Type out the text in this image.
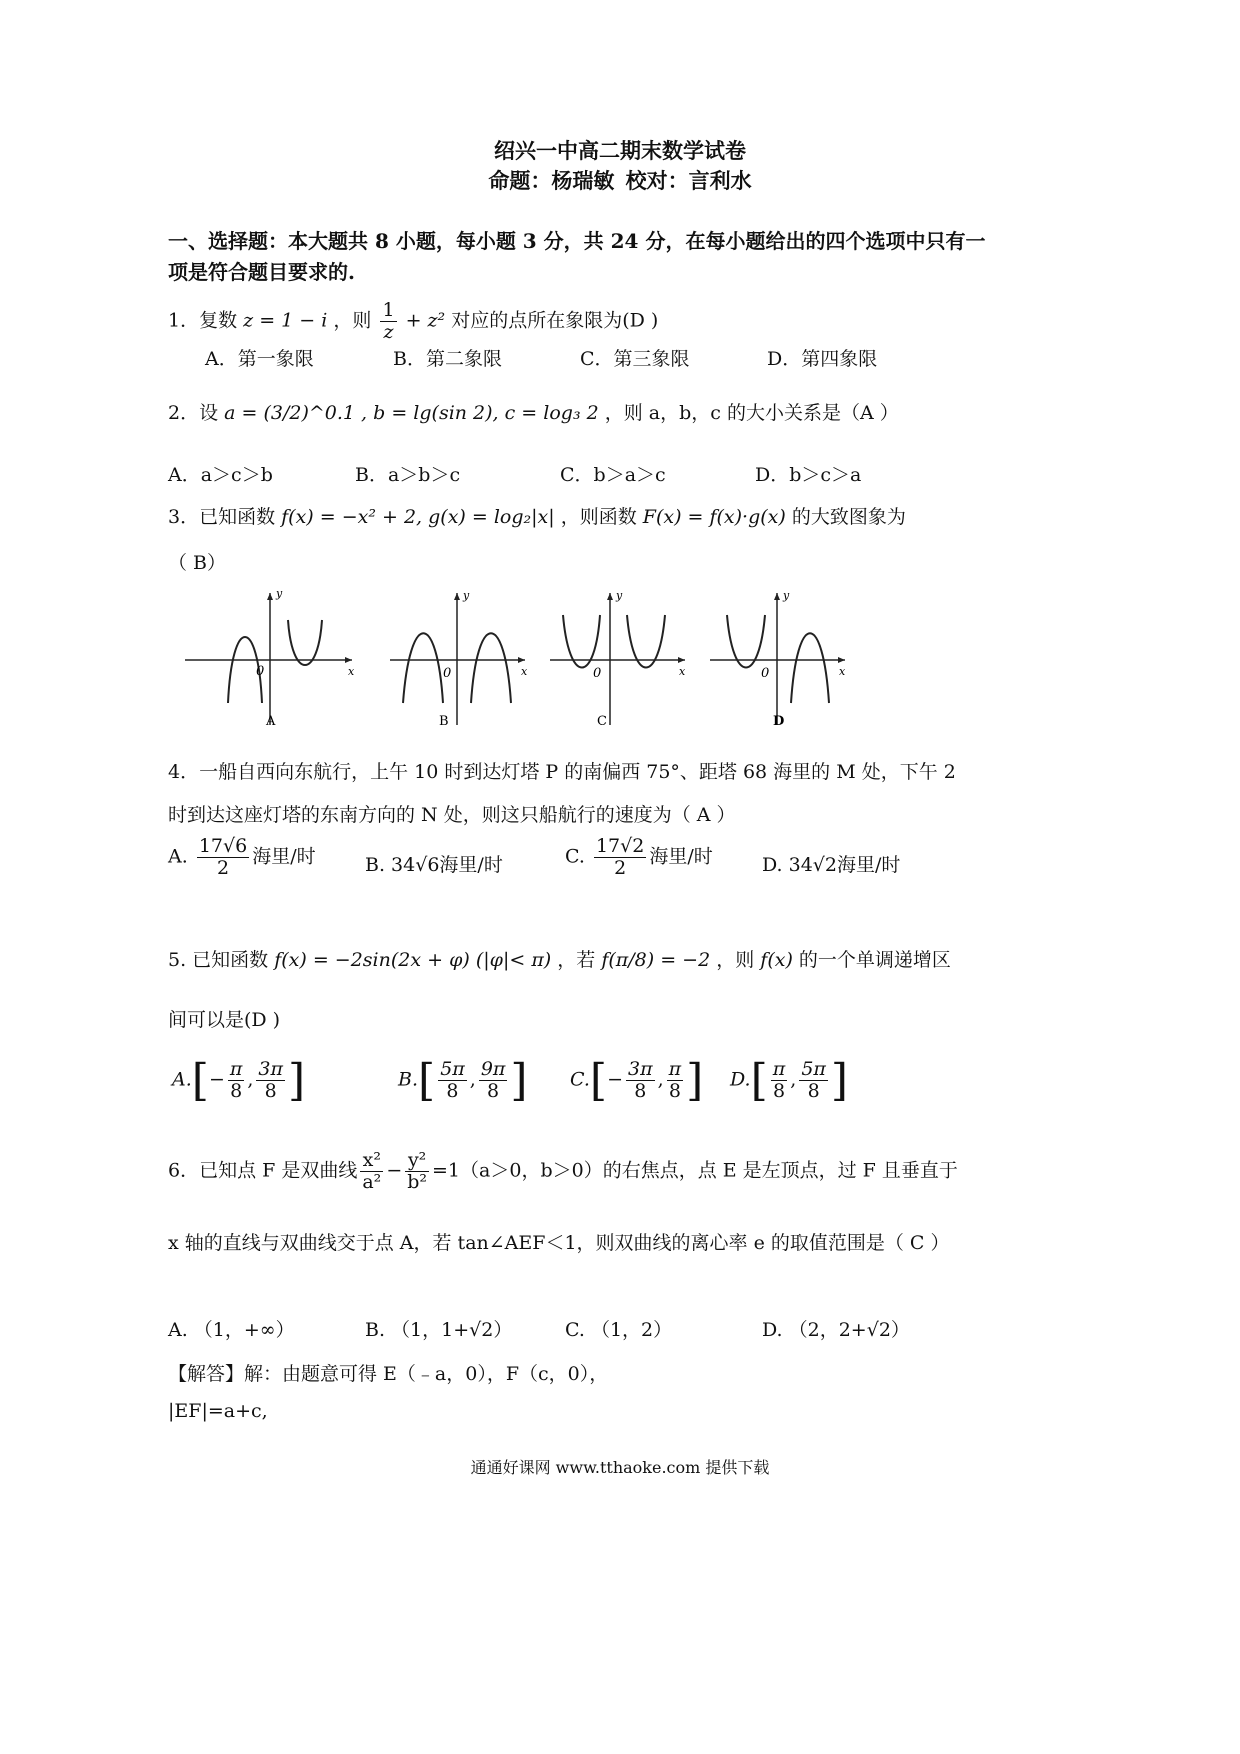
绍兴一中高二期末数学试卷
命题：杨瑞敏 校对：言利水
一、选择题：本大题共 8 小题，每小题 3 分，共 24 分，在每小题给出的四个选项中只有一
项是符合题目要求的.
1．复数 z = 1 − i ，则 $\frac{1}{z} + z^2$ 对应的点所在象限为(D )
A．第一象限	B．第二象限	C．第三象限	D．第四象限
2．设 a = (3/2)^0.1 , b = lg(sin 2), c = log₃ 2 ，则 a，b，c 的大小关系是（A ）
A．a＞c＞b	B．a＞b＞c	C．b＞a＞c	D．b＞c＞a
3．已知函数 f(x) = −x² + 2, g(x) = log₂|x| ，则函数 F(x) = f(x)·g(x) 的大致图象为
（ B）
y
x
0
A
y
x
0
B
y
x
0
C
y
x
0
D
4．一船自西向东航行，上午 10 时到达灯塔 P 的南偏西 75°、距塔 68 海里的 M 处，下午 2
时到达这座灯塔的东南方向的 N 处，则这只船航行的速度为（ A ）
A. $\frac{17√6}{2}$ 海里/时	B. 34√6海里/时	C. $\frac{17√2}{2}$ 海里/时	D. 34√2海里/时
5. 已知函数 f(x) = −2sin(2x + φ) (|φ|< π) ，若 f(π/8) = −2 ，则 f(x) 的一个单调递增区
间可以是(D )
$A.[- \frac{\pi}{8}$ , $\frac{3\pi}{8}$ ]	$B.[ \frac{5\pi}{8}$ , $\frac{9\pi}{8}$ ] $C.[- \frac{3\pi}{8}$ , $\frac{\pi}{8}$ ] $D.[ \frac{\pi}{8}$ , $\frac{5\pi}{8}$ ]
6．已知点 F 是双曲线 $\frac{\text{x²}}{\text{a²}} - \frac{\text{y²}}{\text{b²}} =1(a>0$，b＞0）的右焦点，点 E 是左顶点，过 F 且垂直于
x 轴的直线与双曲线交于点 A，若 tan∠AEF＜1，则双曲线的离心率 e 的取值范围是（ C ）
A. （1，+∞）	B. （1，1+√2）	C. （1，2）	D. （2，2+√2）
【解答】解：由题意可得 E（﹣a，0），F（c，0），
|EF|=a+c,
通通好课网 www.tthaoke.com 提供下载
